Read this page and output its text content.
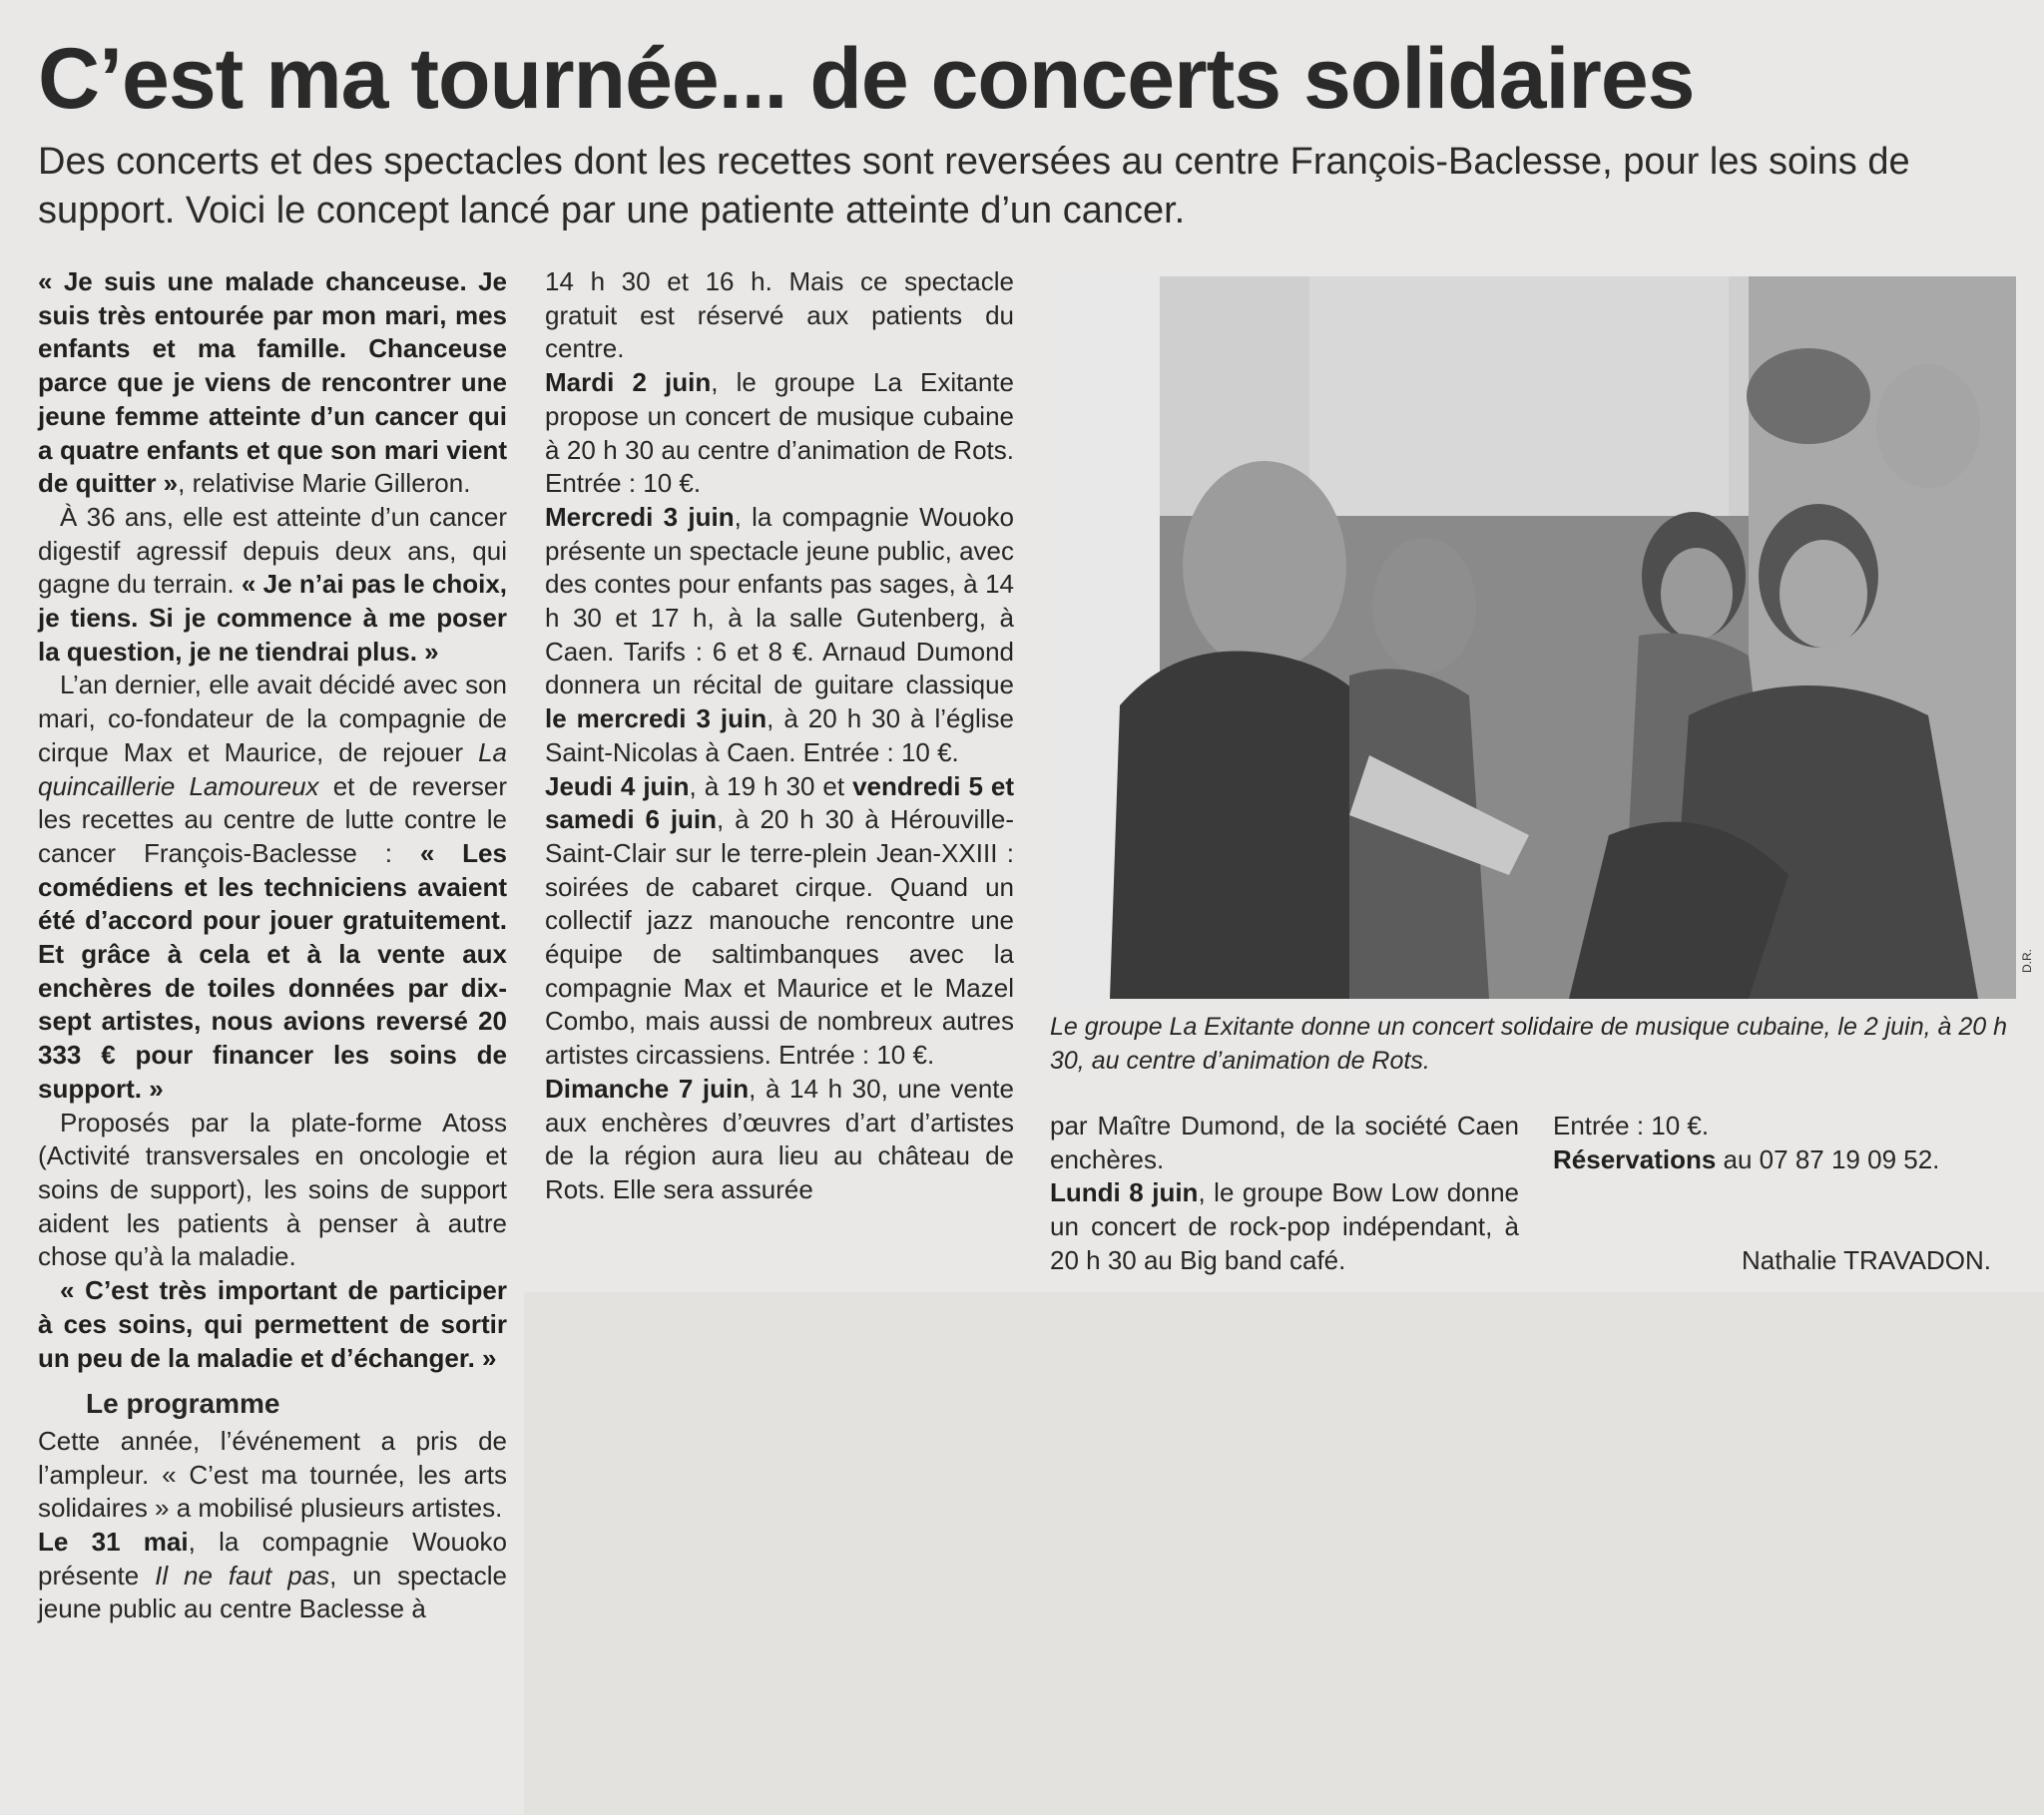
C’est ma tournée... de concerts solidaires

Des concerts et des spectacles dont les recettes sont reversées au centre François-Baclesse, pour les soins de support. Voici le concept lancé par une patiente atteinte d’un cancer.

« Je suis une malade chanceuse. Je suis très entourée par mon mari, mes enfants et ma famille. Chanceuse parce que je viens de rencontrer une jeune femme atteinte d’un cancer qui a quatre enfants et que son mari vient de quitter », relativise Marie Gilleron.

À 36 ans, elle est atteinte d’un cancer digestif agressif depuis deux ans, qui gagne du terrain. « Je n’ai pas le choix, je tiens. Si je commence à me poser la question, je ne tiendrai plus. »

L’an dernier, elle avait décidé avec son mari, co-fondateur de la compagnie de cirque Max et Maurice, de rejouer La quincaillerie Lamoureux et de reverser les recettes au centre de lutte contre le cancer François-Baclesse : « Les comédiens et les techniciens avaient été d’accord pour jouer gratuitement. Et grâce à cela et à la vente aux enchères de toiles données par dix-sept artistes, nous avions reversé 20 333 € pour financer les soins de support. »

Proposés par la plate-forme Atoss (Activité transversales en oncologie et soins de support), les soins de support aident les patients à penser à autre chose qu’à la maladie.

« C’est très important de participer à ces soins, qui permettent de sortir un peu de la maladie et d’échanger. »

Le programme

Cette année, l’événement a pris de l’ampleur. « C’est ma tournée, les arts solidaires » a mobilisé plusieurs artistes.

Le 31 mai, la compagnie Wouoko présente Il ne faut pas, un spectacle jeune public au centre Baclesse à

14 h 30 et 16 h. Mais ce spectacle gratuit est réservé aux patients du centre.

Mardi 2 juin, le groupe La Exitante propose un concert de musique cubaine à 20 h 30 au centre d’animation de Rots. Entrée : 10 €.

Mercredi 3 juin, la compagnie Wouoko présente un spectacle jeune public, avec des contes pour enfants pas sages, à 14 h 30 et 17 h, à la salle Gutenberg, à Caen. Tarifs : 6 et 8 €. Arnaud Dumond donnera un récital de guitare classique le mercredi 3 juin, à 20 h 30 à l’église Saint-Nicolas à Caen. Entrée : 10 €.

Jeudi 4 juin, à 19 h 30 et vendredi 5 et samedi 6 juin, à 20 h 30 à Hérouville-Saint-Clair sur le terre-plein Jean-XXIII : soirées de cabaret cirque. Quand un collectif jazz manouche rencontre une équipe de saltimbanques avec la compagnie Max et Maurice et le Mazel Combo, mais aussi de nombreux autres artistes circassiens. Entrée : 10 €.

Dimanche 7 juin, à 14 h 30, une vente aux enchères d’œuvres d’art d’artistes de la région aura lieu au château de Rots. Elle sera assurée

D.R.

Le groupe La Exitante donne un concert solidaire de musique cubaine, le 2 juin, à 20 h 30, au centre d’animation de Rots.

par Maître Dumond, de la société Caen enchères.

Lundi 8 juin, le groupe Bow Low donne un concert de rock-pop indépendant, à 20 h 30 au Big band café.

Entrée : 10 €.

Réservations au 07 87 19 09 52.

Nathalie TRAVADON.
